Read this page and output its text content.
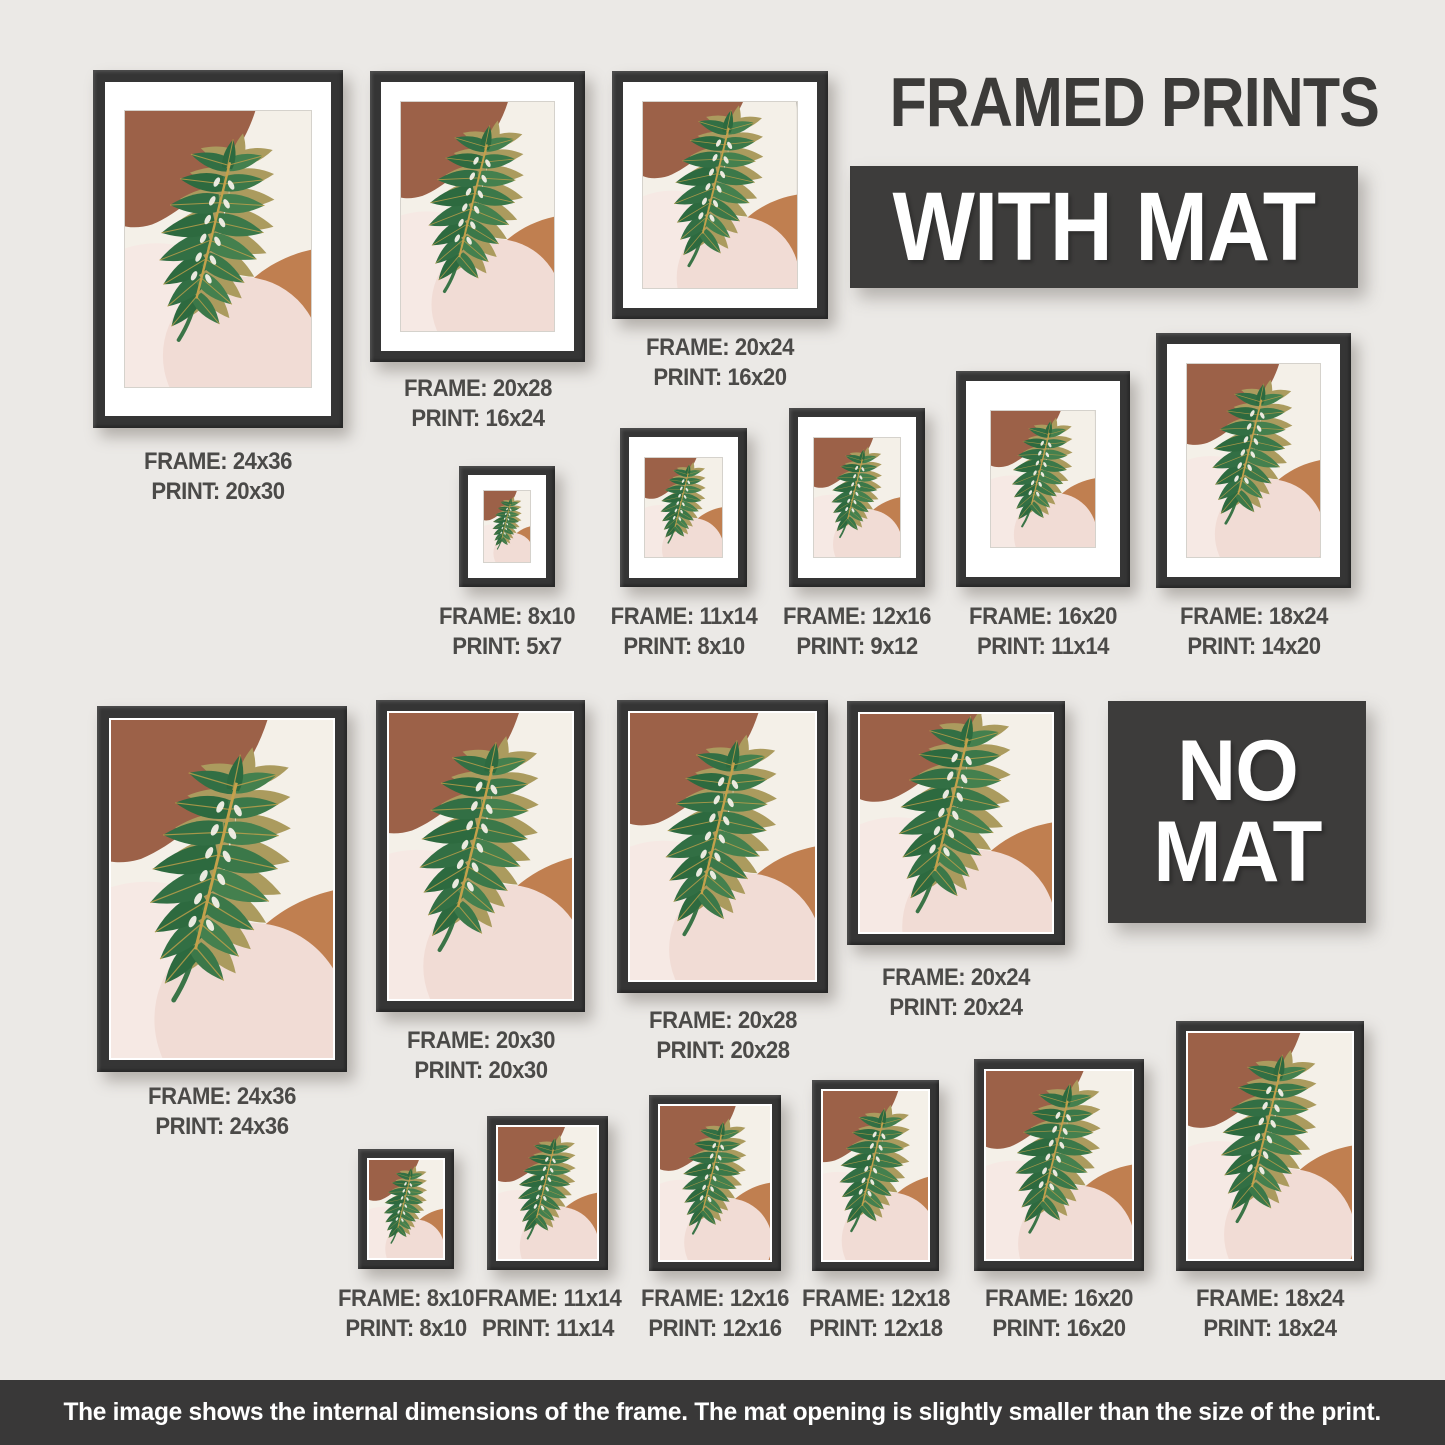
FRAMED PRINTS
WITH MAT
NO
MAT
The image shows the internal dimensions of the frame. The mat opening is slightly smaller than the size of the print.
FRAME: 24x36
PRINT: 20x30
FRAME: 20x28
PRINT: 16x24
FRAME: 20x24
PRINT: 16x20
FRAME: 8x10
PRINT: 5x7
FRAME: 11x14
PRINT: 8x10
FRAME: 12x16
PRINT: 9x12
FRAME: 16x20
PRINT: 11x14
FRAME: 18x24
PRINT: 14x20
FRAME: 24x36
PRINT: 24x36
FRAME: 20x30
PRINT: 20x30
FRAME: 20x28
PRINT: 20x28
FRAME: 20x24
PRINT: 20x24
FRAME: 8x10
PRINT: 8x10
FRAME: 11x14
PRINT: 11x14
FRAME: 12x16
PRINT: 12x16
FRAME: 12x18
PRINT: 12x18
FRAME: 16x20
PRINT: 16x20
FRAME: 18x24
PRINT: 18x24
